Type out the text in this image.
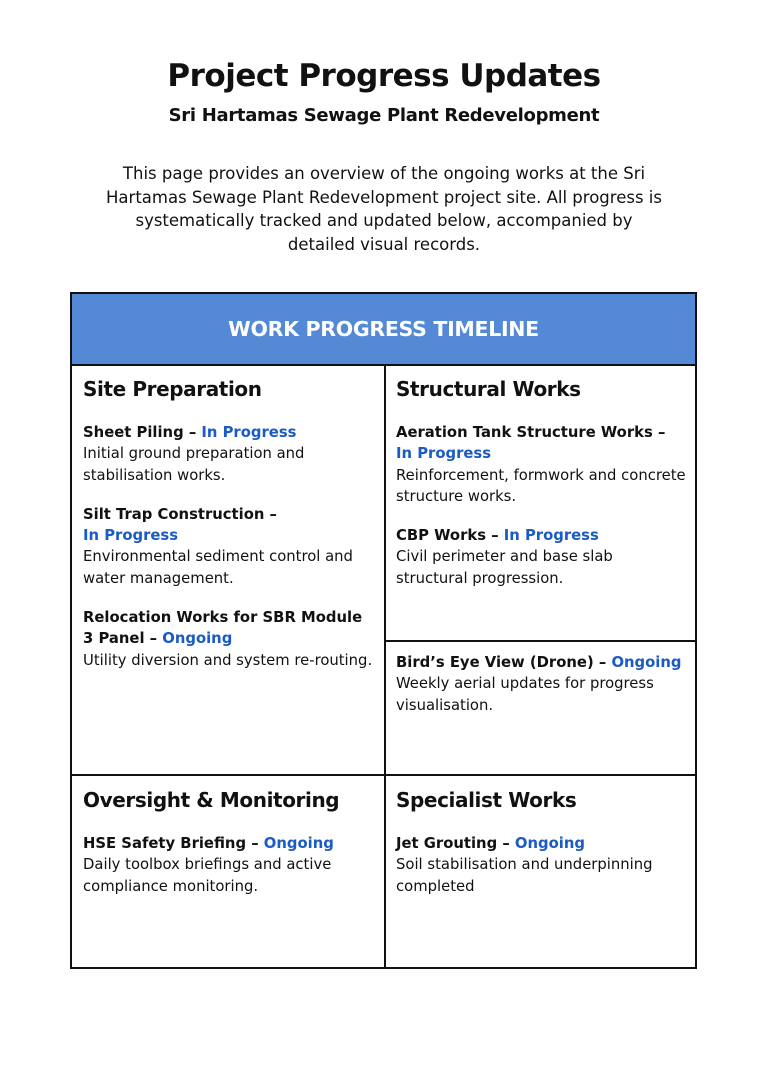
Project Progress Updates
Sri Hartamas Sewage Plant Redevelopment

This page provides an overview of the ongoing works at the Sri Hartamas Sewage Plant Redevelopment project site. All progress is systematically tracked and updated below, accompanied by detailed visual records.

WORK PROGRESS TIMELINE
Site Preparation
Sheet Piling – In Progress
Initial ground preparation and stabilisation works.
Silt Trap Construction –
In Progress
Environmental sediment control and water management.
Relocation Works for SBR Module 3 Panel – Ongoing
Utility diversion and system re-routing.
Structural Works
Aeration Tank Structure Works – In Progress
Reinforcement, formwork and concrete structure works.
CBP Works – In Progress
Civil perimeter and base slab structural progression.
Bird’s Eye View (Drone) – Ongoing
Weekly aerial updates for progress visualisation.
Oversight & Monitoring
HSE Safety Briefing – Ongoing
Daily toolbox briefings and active compliance monitoring.
Specialist Works
Jet Grouting – Ongoing
Soil stabilisation and underpinning completed
